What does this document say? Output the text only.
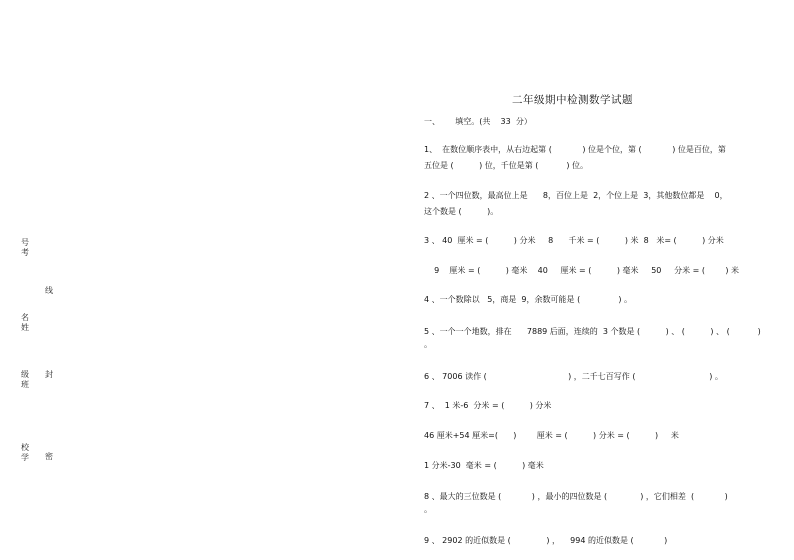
号
考
线
名
姓
级
班
封
校
学 密
二年级期中检测数学试题
一、      填空。(共    33  分）
1、  在数位顺序表中，从右边起第 (            ) 位是个位，第 (            ) 位是百位，第
五位是 (          ) 位，千位是第 (           ) 位。
2 、一个四位数，最高位上是      8，百位上是  2，个位上是  3，其他数位都是    0，
这个数是 (          )。
3 、 40  厘米 = (          ) 分米     8      千米 = (          ) 米  8   米= (          ) 分米
9    厘米 = (          ) 毫米    40     厘米 = (          ) 毫米     50     分米 = (        ) 米
4 、一个数除以   5，商是  9，余数可能是 (               ) 。
5 、一个一个地数，排在      7889 后面，连续的  3 个数是 (          ) 、 (          ) 、 (           )
。
6 、 7006 读作 (                                ) ，二千七百写作 (                             ) 。
7 、  1 米-6  分米 = (          ) 分米
46 厘米+54 厘米=(      )        厘米 = (          ) 分米 = (          )     米
1 分米-30  毫米 = (          ) 毫米
8 、最大的三位数是 (            ) ，最小的四位数是 (             ) ，它们相差  (            )
。
9 、 2902 的近似数是 (              ) ，    994 的近似数是 (            )
